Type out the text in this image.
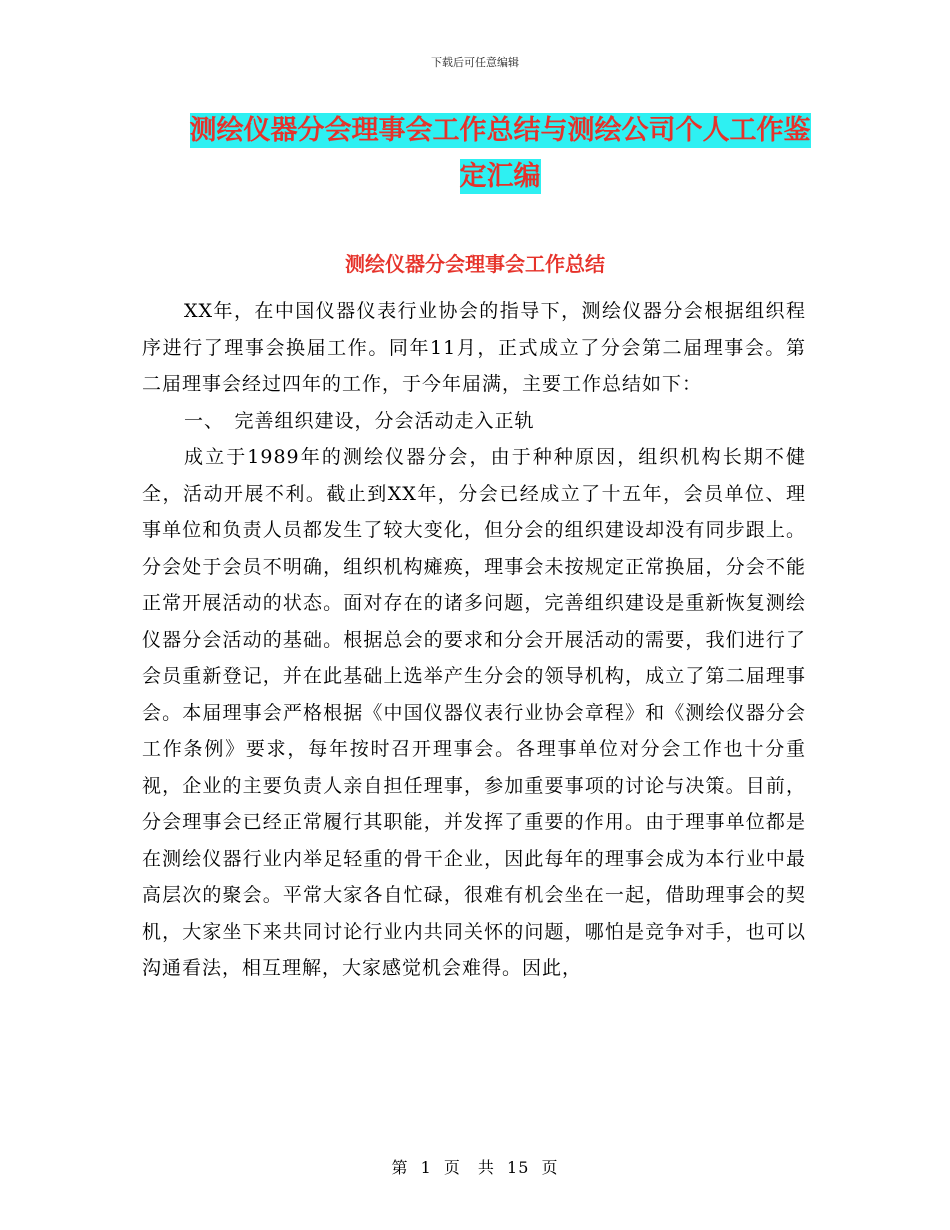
下载后可任意编辑
测绘仪器分会理事会工作总结与测绘公司个人工作鉴
定汇编
测绘仪器分会理事会工作总结

XX年，在中国仪器仪表行业协会的指导下，测绘仪器分会根据组织程序进行了理事会换届工作。同年11月，正式成立了分会第二届理事会。第二届理事会经过四年的工作，于今年届满，主要工作总结如下：

一、　完善组织建设，分会活动走入正轨

成立于1989年的测绘仪器分会，由于种种原因，组织机构长期不健全，活动开展不利。截止到XX年，分会已经成立了十五年，会员单位、理事单位和负责人员都发生了较大变化，但分会的组织建设却没有同步跟上。分会处于会员不明确，组织机构瘫痪，理事会未按规定正常换届，分会不能正常开展活动的状态。面对存在的诸多问题，完善组织建设是重新恢复测绘仪器分会活动的基础。根据总会的要求和分会开展活动的需要，我们进行了会员重新登记，并在此基础上选举产生分会的领导机构，成立了第二届理事会。本届理事会严格根据《中国仪器仪表行业协会章程》和《测绘仪器分会工作条例》要求，每年按时召开理事会。各理事单位对分会工作也十分重视，企业的主要负责人亲自担任理事，参加重要事项的讨论与决策。目前，分会理事会已经正常履行其职能，并发挥了重要的作用。由于理事单位都是在测绘仪器行业内举足轻重的骨干企业，因此每年的理事会成为本行业中最高层次的聚会。平常大家各自忙碌，很难有机会坐在一起，借助理事会的契机，大家坐下来共同讨论行业内共同关怀的问题，哪怕是竞争对手，也可以沟通看法，相互理解，大家感觉机会难得。因此，

第 1 页　共 15 页
